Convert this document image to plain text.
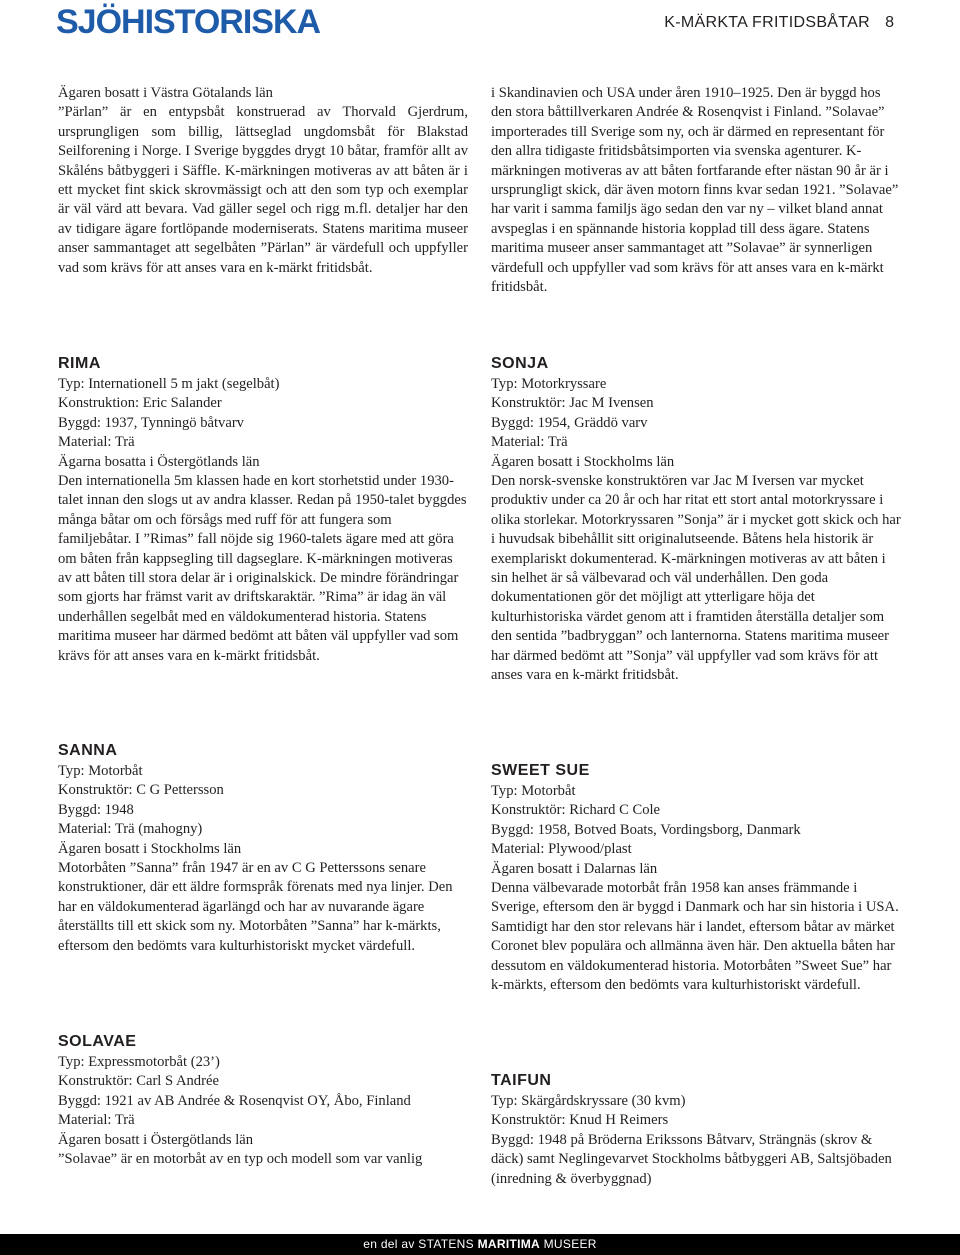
SJÖHISTORISKA	K-MÄRKTA FRITIDSBÅTAR 8

Ägaren bosatt i Västra Götalands län

”Pärlan” är en entypsbåt konstruerad av Thorvald Gjerdrum, ursprungligen som billig, lättseglad ungdomsbåt för Blakstad Seilforening i Norge. I Sverige byggdes drygt 10 båtar, framför allt av Skåléns båtbyggeri i Säffle. K-märkningen motiveras av att båten är i ett mycket fint skick skrovmässigt och att den som typ och exemplar är väl värd att bevara. Vad gäller segel och rigg m.fl. detaljer har den av tidigare ägare fortlöpande moderniserats. Statens maritima museer anser sammantaget att segelbåten ”Pärlan” är värdefull och uppfyller vad som krävs för att anses vara en k-märkt fritidsbåt.

RIMA

Typ: Internationell 5 m jakt (segelbåt)

Konstruktion: Eric Salander

Byggd: 1937, Tynningö båtvarv

Material: Trä

Ägarna bosatta i Östergötlands län

Den internationella 5m klassen hade en kort storhetstid under 1930-talet innan den slogs ut av andra klasser. Redan på 1950-talet byggdes många båtar om och försågs med ruff för att fungera som familjebåtar. I ”Rimas” fall nöjde sig 1960-talets ägare med att göra om båten från kappsegling till dagseglare. K-märkningen motiveras av att båten till stora delar är i originalskick. De mindre förändringar som gjorts har främst varit av driftskaraktär. ”Rima” är idag än väl underhållen segelbåt med en väldokumenterad historia. Statens maritima museer har därmed bedömt att båten väl uppfyller vad som krävs för att anses vara en k-märkt fritidsbåt.

SANNA

Typ: Motorbåt

Konstruktör: C G Pettersson

Byggd: 1948

Material: Trä (mahogny)

Ägaren bosatt i Stockholms län

Motorbåten ”Sanna” från 1947 är en av C G Petterssons senare konstruktioner, där ett äldre formspråk förenats med nya linjer. Den har en väldokumenterad ägarlängd och har av nuvarande ägare återställts till ett skick som ny. Motorbåten ”Sanna” har k-märkts, eftersom den bedömts vara kulturhistoriskt mycket värdefull.

SOLAVAE

Typ: Expressmotorbåt (23’)

Konstruktör: Carl S Andrée

Byggd: 1921 av AB Andrée & Rosenqvist OY, Åbo, Finland

Material: Trä

Ägaren bosatt i Östergötlands län

”Solavae” är en motorbåt av en typ och modell som var vanlig

i Skandinavien och USA under åren 1910–1925. Den är byggd hos den stora båttillverkaren Andrée & Rosenqvist i Finland. ”Solavae” importerades till Sverige som ny, och är därmed en representant för den allra tidigaste fritidsbåtsimporten via svenska agenturer. K-märkningen motiveras av att båten fortfarande efter nästan 90 år är i ursprungligt skick, där även motorn finns kvar sedan 1921. ”Solavae” har varit i samma familjs ägo sedan den var ny – vilket bland annat avspeglas i en spännande historia kopplad till dess ägare. Statens maritima museer anser sammantaget att ”Solavae” är synnerligen värdefull och uppfyller vad som krävs för att anses vara en k-märkt fritidsbåt.

SONJA

Typ: Motorkryssare

Konstruktör: Jac M Ivensen

Byggd: 1954, Gräddö varv

Material: Trä

Ägaren bosatt i Stockholms län

Den norsk-svenske konstruktören var Jac M Iversen var mycket produktiv under ca 20 år och har ritat ett stort antal motorkryssare i olika storlekar. Motorkryssaren ”Sonja” är i mycket gott skick och har i huvudsak bibehållit sitt originalutseende. Båtens hela historik är exemplariskt dokumenterad. K-märkningen motiveras av att båten i sin helhet är så välbevarad och väl underhållen. Den goda dokumentationen gör det möjligt att ytterligare höja det kulturhistoriska värdet genom att i framtiden återställa detaljer som den sentida ”badbryggan” och lanternorna. Statens maritima museer har därmed bedömt att ”Sonja” väl uppfyller vad som krävs för att anses vara en k-märkt fritidsbåt.

SWEET SUE

Typ: Motorbåt

Konstruktör: Richard C Cole

Byggd: 1958, Botved Boats, Vordingsborg, Danmark

Material: Plywood/plast

Ägaren bosatt i Dalarnas län

Denna välbevarade motorbåt från 1958 kan anses främmande i Sverige, eftersom den är byggd i Danmark och har sin historia i USA. Samtidigt har den stor relevans här i landet, eftersom båtar av märket Coronet blev populära och allmänna även här. Den aktuella båten har dessutom en väldokumenterad historia. Motorbåten ”Sweet Sue” har k-märkts, eftersom den bedömts vara kulturhistoriskt värdefull.

TAIFUN

Typ: Skärgårdskryssare (30 kvm)

Konstruktör: Knud H Reimers

Byggd: 1948 på Bröderna Erikssons Båtvarv, Strängnäs (skrov & däck) samt Neglingevarvet Stockholms båtbyggeri AB, Saltsjöbaden (inredning & överbyggnad)

en del av STATENS MARITIMA MUSEER
